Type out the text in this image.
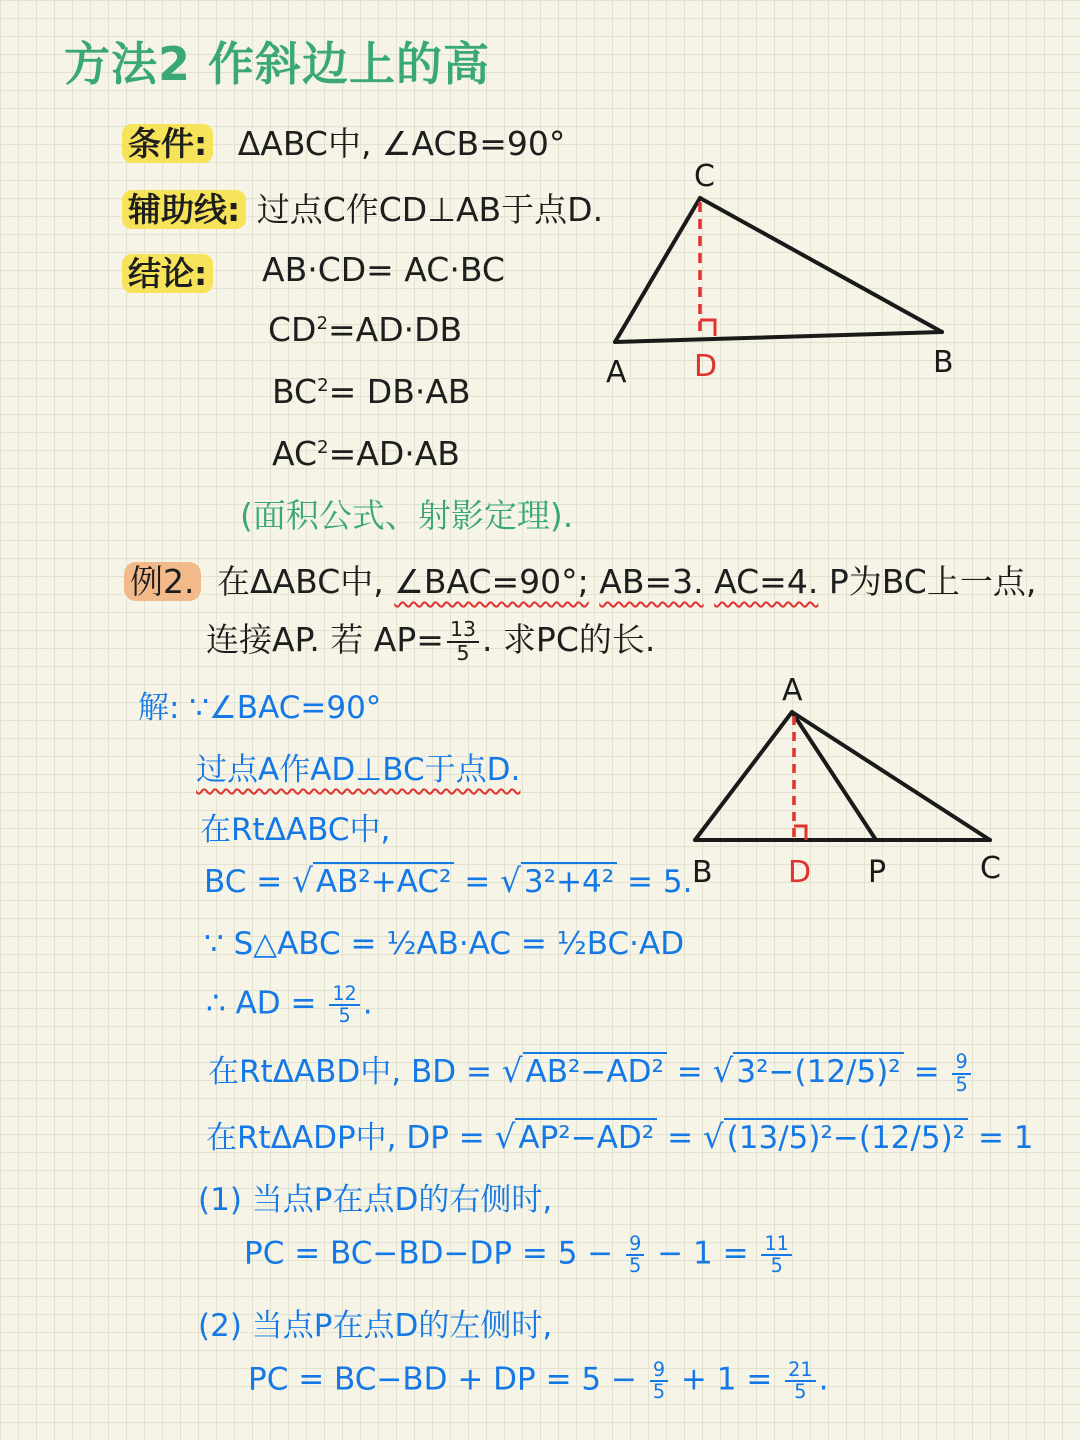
方法2 作斜边上的高
条件: ΔABC中, ∠ACB=90°
辅助线: 过点C作CD⊥AB于点D.
结论: AB·CD= AC·BC
$CD^2=AD\cdot DB$
$BC^2= DB\cdot AB$
$AC^2=AD\cdot AB$
(面积公式、射影定理).
C
A D	B
例2. 在ΔABC中, ∠BAC=90°; AB=3. AC=4. P为BC上一点,
连接AP. 若 $AP= \frac{13}{5}$ . 求PC的长.
A
B	D P	C
解: ∵∠BAC=90°
过点A作AD⊥BC于点D.
在RtΔABC中,
BC = √AB²+AC² = √3²+4² = 5.
∵ S△ABC = ½AB·AC = ½BC·AD
∴ AD = $\frac{12}{5}$ .
在RtΔABD中, BD = $√AB^2-AD^2 = √3^2-(12/5)^2 = \frac{9}{5}$
在RtΔADP中, DP = √AP²−AD² = √(13/5)²−(12/5)² = 1
(1) 当点P在点D的右侧时,
PC = $BC-BD-DP = 5 - \frac{9}{5} - 1 = \frac{11}{5}$
(2) 当点P在点D的左侧时,
PC = BC−BD + DP = $5 - \frac{9}{5} + 1 = \frac{21}{5}$ .
